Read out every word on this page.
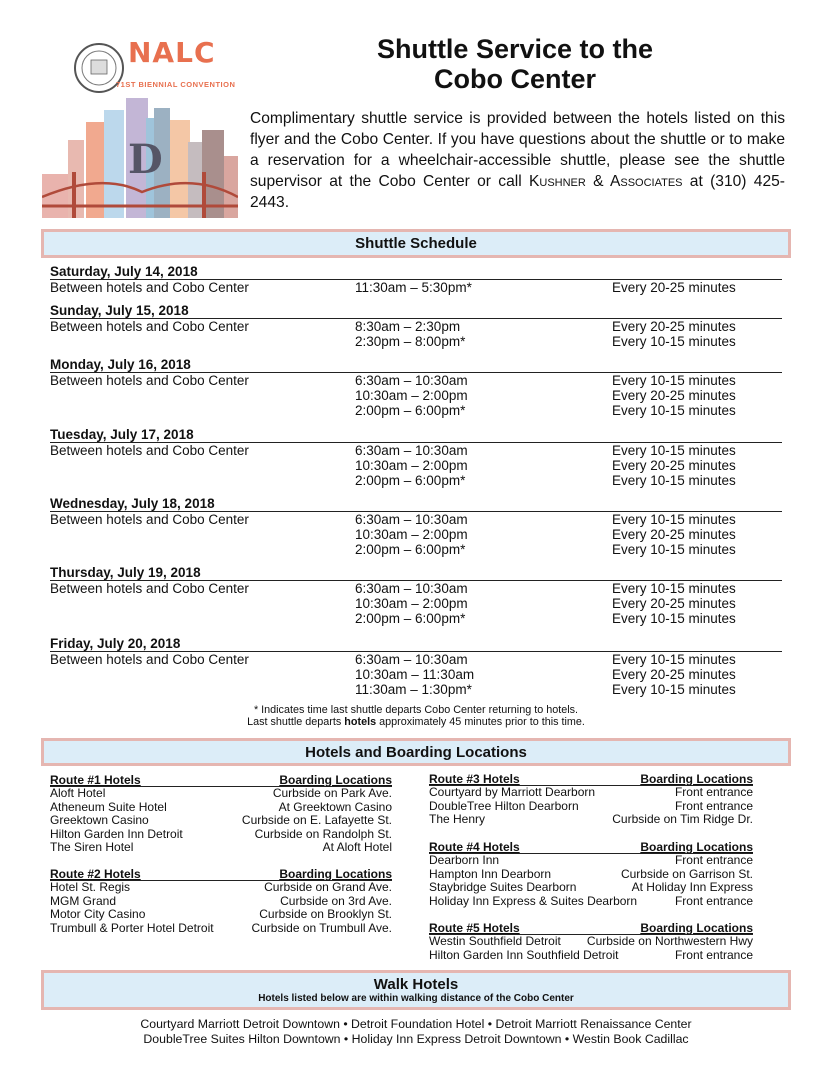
NALC
71ST BIENNIAL CONVENTION
D
Shuttle Service to the
Cobo Center
Complimentary shuttle service is provided between the hotels listed on this flyer and the Cobo Center. If you have questions about the shuttle or to make a reservation for a wheelchair-accessible shuttle, please see the shuttle supervisor at the Cobo Center or call Kushner & Associates at (310) 425-2443.
Shuttle Schedule
Saturday, July 14, 2018
Between hotels and Cobo Center	11:30am – 5:30pm*	Every 20-25 minutes
Sunday, July 15, 2018
Between hotels and Cobo Center	8:30am – 2:30pm	Every 20-25 minutes
2:30pm – 8:00pm*	Every 10-15 minutes
Monday, July 16, 2018
Between hotels and Cobo Center	6:30am – 10:30am	Every 10-15 minutes
10:30am – 2:00pm	Every 20-25 minutes
2:00pm – 6:00pm*	Every 10-15 minutes
Tuesday, July 17, 2018
Between hotels and Cobo Center	6:30am – 10:30am	Every 10-15 minutes
10:30am – 2:00pm	Every 20-25 minutes
2:00pm – 6:00pm*	Every 10-15 minutes
Wednesday, July 18, 2018
Between hotels and Cobo Center	6:30am – 10:30am	Every 10-15 minutes
10:30am – 2:00pm	Every 20-25 minutes
2:00pm – 6:00pm*	Every 10-15 minutes
Thursday, July 19, 2018
Between hotels and Cobo Center	6:30am – 10:30am	Every 10-15 minutes
10:30am – 2:00pm	Every 20-25 minutes
2:00pm – 6:00pm*	Every 10-15 minutes
Friday, July 20, 2018
Between hotels and Cobo Center	6:30am – 10:30am	Every 10-15 minutes
10:30am – 11:30am	Every 20-25 minutes
11:30am – 1:30pm*	Every 10-15 minutes
* Indicates time last shuttle departs Cobo Center returning to hotels.
Last shuttle departs hotels approximately 45 minutes prior to this time.
Hotels and Boarding Locations
Route #1 Hotels	Boarding Locations
Aloft Hotel	Curbside on Park Ave.
Atheneum Suite Hotel	At Greektown Casino
Greektown Casino	Curbside on E. Lafayette St.
Hilton Garden Inn Detroit	Curbside on Randolph St.
The Siren Hotel	At Aloft Hotel
Route #2 Hotels	Boarding Locations
Hotel St. Regis	Curbside on Grand Ave.
MGM Grand	Curbside on 3rd Ave.
Motor City Casino	Curbside on Brooklyn St.
Trumbull & Porter Hotel Detroit	Curbside on Trumbull Ave.
Route #3 Hotels	Boarding Locations
Courtyard by Marriott Dearborn	Front entrance
DoubleTree Hilton Dearborn	Front entrance
The Henry	Curbside on Tim Ridge Dr.
Route #4 Hotels	Boarding Locations
Dearborn Inn	Front entrance
Hampton Inn Dearborn	Curbside on Garrison St.
Staybridge Suites Dearborn	At Holiday Inn Express
Holiday Inn Express & Suites Dearborn	Front entrance
Route #5 Hotels	Boarding Locations
Westin Southfield Detroit Curbside on Northwestern Hwy
Hilton Garden Inn Southfield Detroit	Front entrance
Walk Hotels
Hotels listed below are within walking distance of the Cobo Center
Courtyard Marriott Detroit Downtown • Detroit Foundation Hotel • Detroit Marriott Renaissance Center
DoubleTree Suites Hilton Downtown • Holiday Inn Express Detroit Downtown • Westin Book Cadillac
